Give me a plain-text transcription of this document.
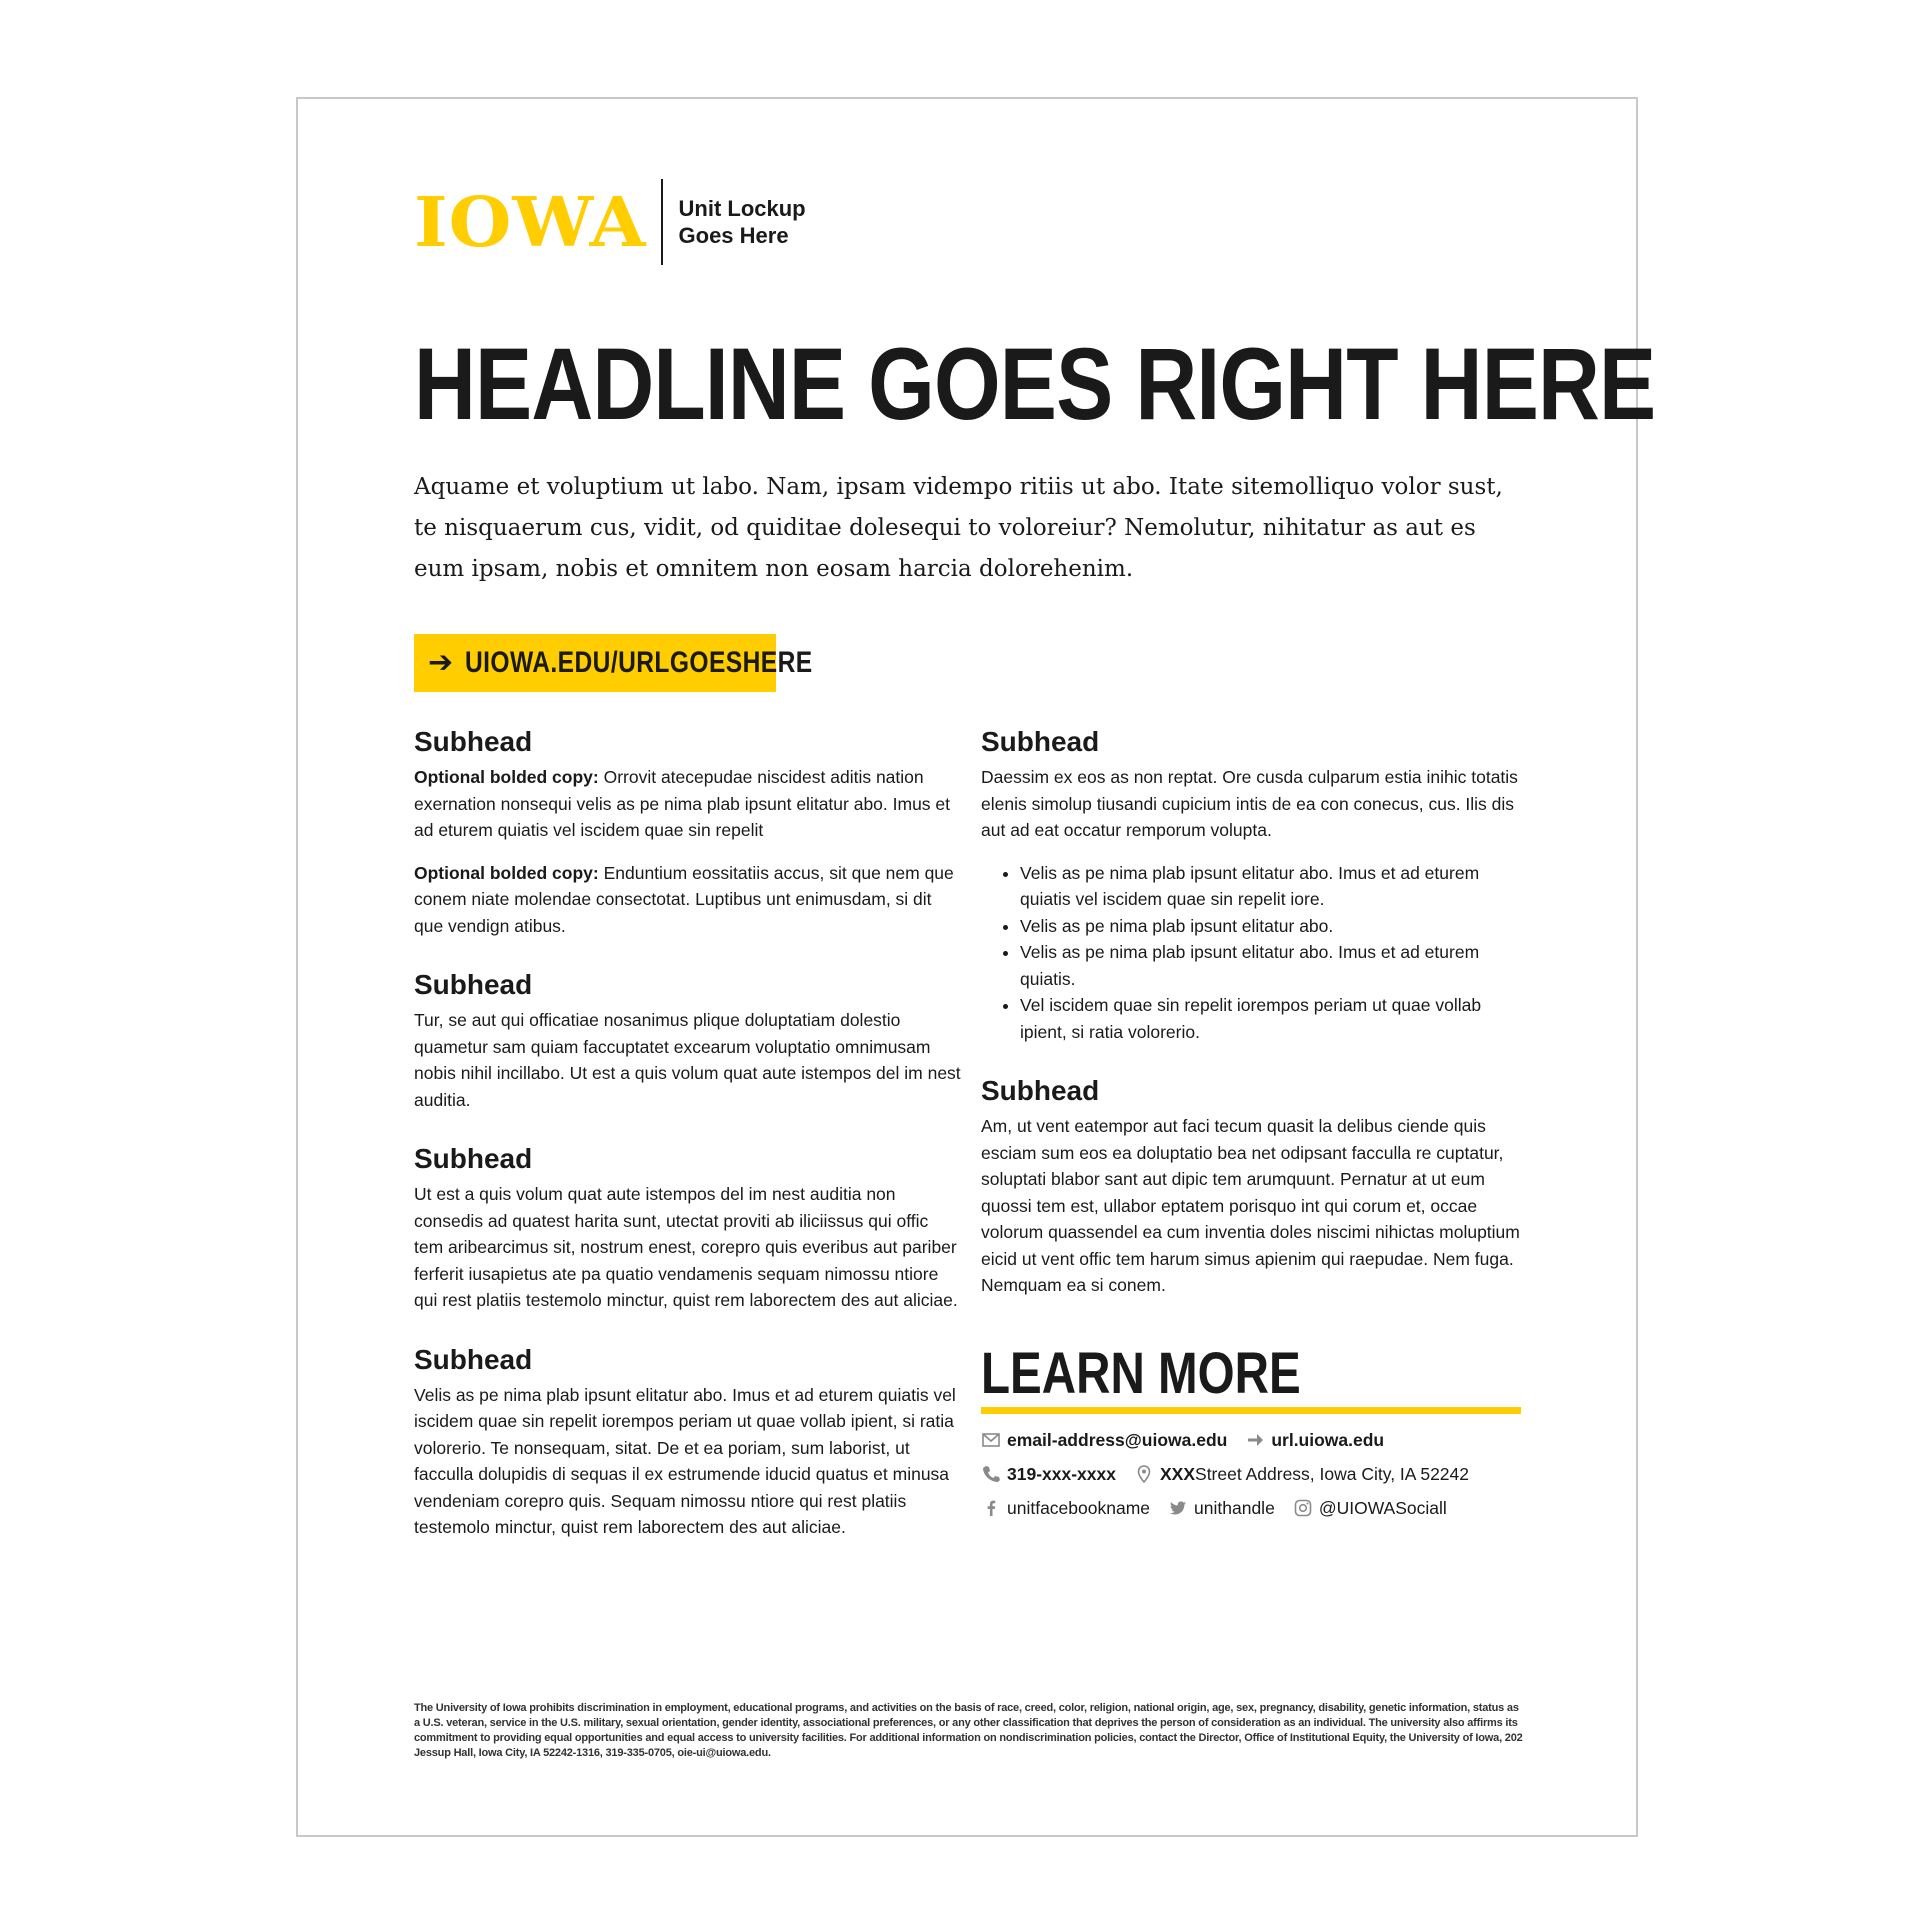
IOWA Unit Lockup
Goes Here
HEADLINE GOES RIGHT HERE

Aquame et voluptium ut labo. Nam, ipsam vidempo ritiis ut abo. Itate sitemolliquo volor sust, te nisquaerum cus, vidit, od quiditae dolesequi to voloreiur? Nemolutur, nihitatur as aut es eum ipsam, nobis et omnitem non eosam harcia dolorehenim.

➔ UIOWA.EDU/URLGOESHERE
Subhead

Optional bolded copy: Orrovit atecepudae niscidest aditis nation exernation nonsequi velis as pe nima plab ipsunt elitatur abo. Imus et ad eturem quiatis vel iscidem quae sin repelit

Optional bolded copy: Enduntium eossitatiis accus, sit que nem que conem niate molendae consectotat. Luptibus unt enimusdam, si dit que vendign atibus.

Subhead

Tur, se aut qui officatiae nosanimus plique doluptatiam dolestio quametur sam quiam faccuptatet excearum voluptatio omnimusam nobis nihil incillabo. Ut est a quis volum quat aute istempos del im nest auditia.

Subhead

Ut est a quis volum quat aute istempos del im nest auditia non consedis ad quatest harita sunt, utectat proviti ab iliciissus qui offic tem aribearcimus sit, nostrum enest, corepro quis everibus aut pariber ferferit iusapietus ate pa quatio vendamenis sequam nimossu ntiore qui rest platiis testemolo minctur, quist rem laborectem des aut aliciae.

Subhead

Velis as pe nima plab ipsunt elitatur abo. Imus et ad eturem quiatis vel iscidem quae sin repelit iorempos periam ut quae vollab ipient, si ratia volorerio. Te nonsequam, sitat. De et ea poriam, sum laborist, ut facculla dolupidis di sequas il ex estrumende iducid quatus et minusa vendeniam corepro quis. Sequam nimossu ntiore qui rest platiis testemolo minctur, quist rem laborectem des aut aliciae.

Subhead

Daessim ex eos as non reptat. Ore cusda culparum estia inihic totatis elenis simolup tiusandi cupicium intis de ea con conecus, cus. Ilis dis aut ad eat occatur remporum volupta.

• Velis as pe nima plab ipsunt elitatur abo. Imus et ad eturem quiatis vel iscidem quae sin repelit iore.
• Velis as pe nima plab ipsunt elitatur abo.
• Velis as pe nima plab ipsunt elitatur abo. Imus et ad eturem quiatis.
• Vel iscidem quae sin repelit iorempos periam ut quae vollab ipient, si ratia volorerio.
Subhead

Am, ut vent eatempor aut faci tecum quasit la delibus ciende quis esciam sum eos ea doluptatio bea net odipsant facculla re cuptatur, soluptati blabor sant aut dipic tem arumquunt. Pernatur at ut eum quossi tem est, ullabor eptatem porisquo int qui corum et, occae volorum quassendel ea cum inventia doles niscimi nihictas moluptium eicid ut vent offic tem harum simus apienim qui raepudae. Nem fuga. Nemquam ea si conem.

LEARN MORE
email-address@uiowa.edu	url.uiowa.edu
319-xxx-xxxx	XXX Street Address, Iowa City, IA 52242
unitfacebookname	unithandle	@UIOWASociall

The University of Iowa prohibits discrimination in employment, educational programs, and activities on the basis of race, creed, color, religion, national origin, age, sex, pregnancy, disability, genetic information, status as a U.S. veteran, service in the U.S. military, sexual orientation, gender identity, associational preferences, or any other classification that deprives the person of consideration as an individual. The university also affirms its commitment to providing equal opportunities and equal access to university facilities. For additional information on nondiscrimination policies, contact the Director, Office of Institutional Equity, the University of Iowa, 202 Jessup Hall, Iowa City, IA 52242-1316, 319-335-0705, oie-ui@uiowa.edu.
